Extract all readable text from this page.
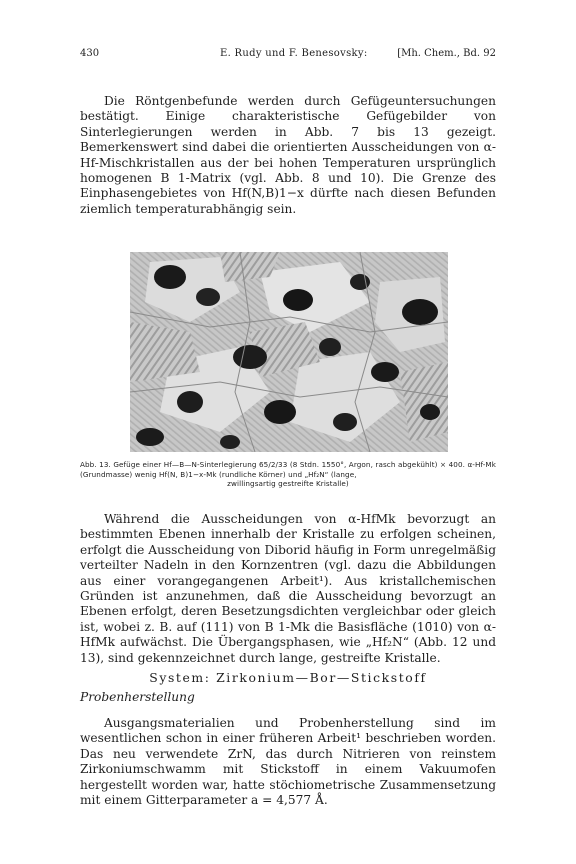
430	E. Rudy und F. Benesovsky:	[Mh. Chem., Bd. 92

Die Röntgenbefunde werden durch Gefügeuntersuchungen bestätigt. Einige charakteristische Gefügebilder von Sinterlegierungen werden in Abb. 7 bis 13 gezeigt. Bemerkenswert sind dabei die orientierten Ausscheidungen von α-Hf-Mischkristallen aus der bei hohen Temperaturen ursprünglich homogenen B 1-Matrix (vgl. Abb. 8 und 10). Die Grenze des Einphasengebietes von Hf(N,B)1−x dürfte nach diesen Befunden ziemlich temperaturabhängig sein.

Abb. 13. Gefüge einer Hf—B—N-Sinterlegierung 65/2/33 (8 Stdn. 1550°, Argon, rasch abgekühlt) × 400. α-Hf-Mk (Grundmasse) wenig Hf(N, B)1−x-Mk (rundliche Körner) und „Hf₂N“ (lange,
zwillingsartig gestreifte Kristalle)

Während die Ausscheidungen von α-HfMk bevorzugt an bestimmten Ebenen innerhalb der Kristalle zu erfolgen scheinen, erfolgt die Ausscheidung von Diborid häufig in Form unregelmäßig verteilter Nadeln in den Kornzentren (vgl. dazu die Abbildungen aus einer vorangegangenen Arbeit¹). Aus kristallchemischen Gründen ist anzunehmen, daß die Ausscheidung bevorzugt an Ebenen erfolgt, deren Besetzungsdichten vergleichbar oder gleich ist, wobei z. B. auf (111) von B 1-Mk die Basisfläche (10̄10) von α-HfMk aufwächst. Die Übergangsphasen, wie „Hf₂N“ (Abb. 12 und 13), sind gekennzeichnet durch lange, gestreifte Kristalle.

System: Zirkonium—Bor—Stickstoff
Probenherstellung

Ausgangsmaterialien und Probenherstellung sind im wesentlichen schon in einer früheren Arbeit¹ beschrieben worden. Das neu verwendete ZrN, das durch Nitrieren von reinstem Zirkoniumschwamm mit Stickstoff in einem Vakuumofen hergestellt worden war, hatte stöchiometrische Zusammensetzung mit einem Gitterparameter a = 4,577 Å.
